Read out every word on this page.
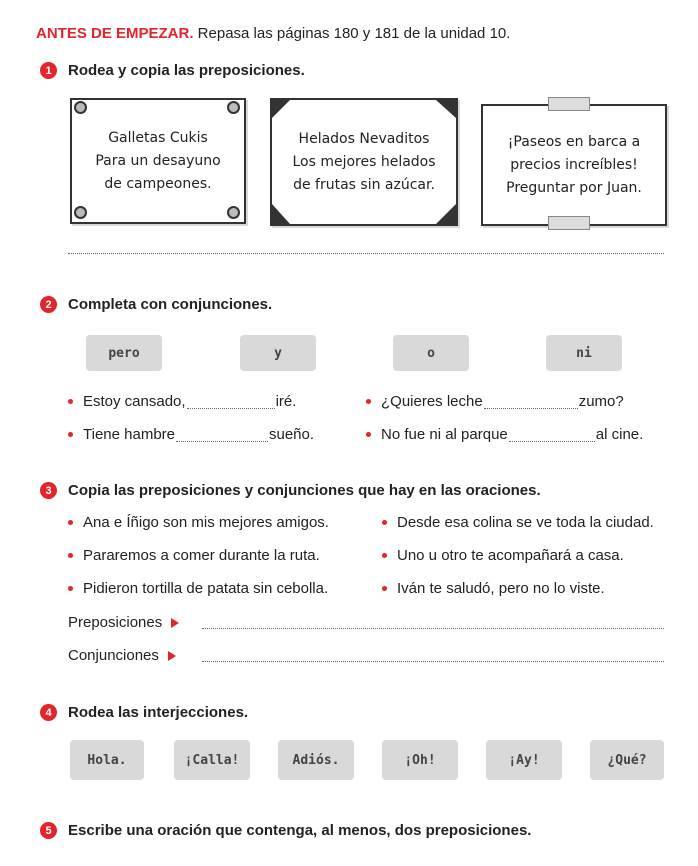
ANTES DE EMPEZAR. Repasa las páginas 180 y 181 de la unidad 10.
1	Rodea y copia las preposiciones.
Galletas Cukis
Para un desayuno
de campeones.
Helados Nevaditos
Los mejores helados
de frutas sin azúcar.
¡Paseos en barca a
precios increíbles!
Preguntar por Juan.
2	Completa con conjunciones.
pero	y	o	ni
Estoy cansado,	iré.	¿Quieres leche	zumo?
Tiene hambre	sueño.	No fue ni al parque	al cine.
3	Copia las preposiciones y conjunciones que hay en las oraciones.
Ana e Íñigo son mis mejores amigos.	Desde esa colina se ve toda la ciudad.
Pararemos a comer durante la ruta.	Uno u otro te acompañará a casa.
Pidieron tortilla de patata sin cebolla.	Iván te saludó, pero no lo viste.
Preposiciones
Conjunciones
4	Rodea las interjecciones.
Hola.	¡Calla!	Adiós.	¡Oh!	¡Ay!	¿Qué?
5	Escribe una oración que contenga, al menos, dos preposiciones.
